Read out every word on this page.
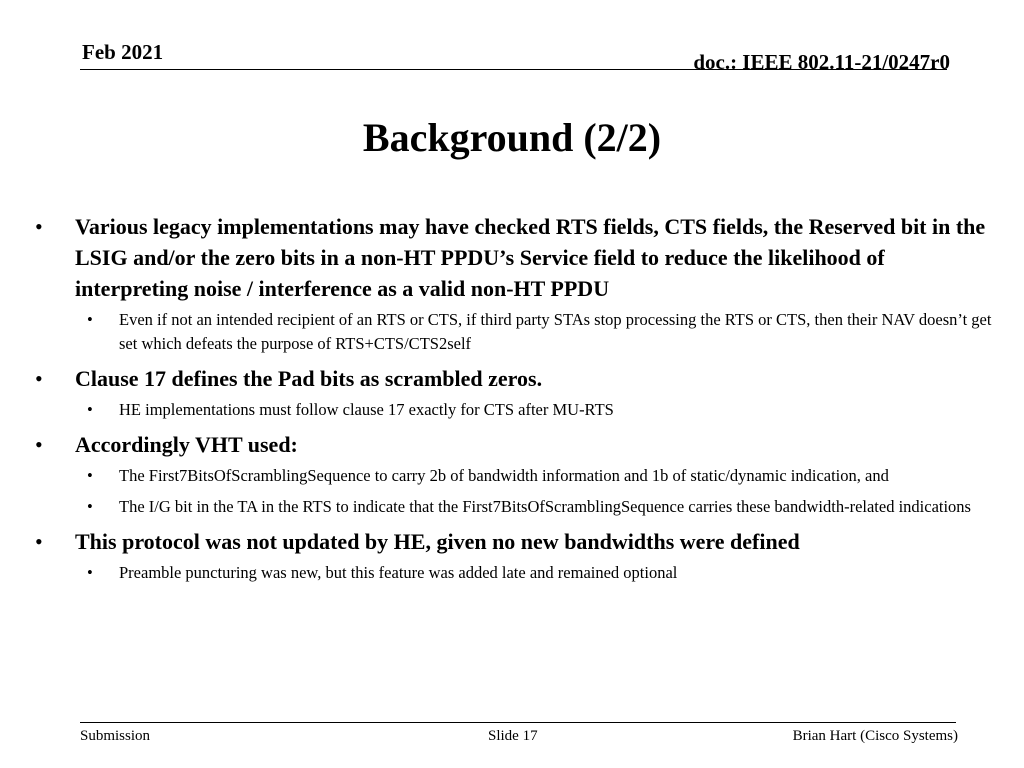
Feb 2021	doc.: IEEE 802.11-21/0247r0
Background (2/2)
• Various legacy implementations may have checked RTS fields, CTS fields, the Reserved bit in the LSIG and/or the zero bits in a non-HT PPDU’s Service field to reduce the likelihood of interpreting noise / interference as a valid non-HT PPDU
• Even if not an intended recipient of an RTS or CTS, if third party STAs stop processing the RTS or CTS, then their NAV doesn’t get set which defeats the purpose of RTS+CTS/CTS2self
• Clause 17 defines the Pad bits as scrambled zeros.
• HE implementations must follow clause 17 exactly for CTS after MU-RTS
• Accordingly VHT used:
• The First7BitsOfScramblingSequence to carry 2b of bandwidth information and 1b of static/dynamic indication, and
• The I/G bit in the TA in the RTS to indicate that the First7BitsOfScramblingSequence carries these bandwidth-related indications
• This protocol was not updated by HE, given no new bandwidths were defined
• Preamble puncturing was new, but this feature was added late and remained optional
Submission	Slide 17	Brian Hart (Cisco Systems)
